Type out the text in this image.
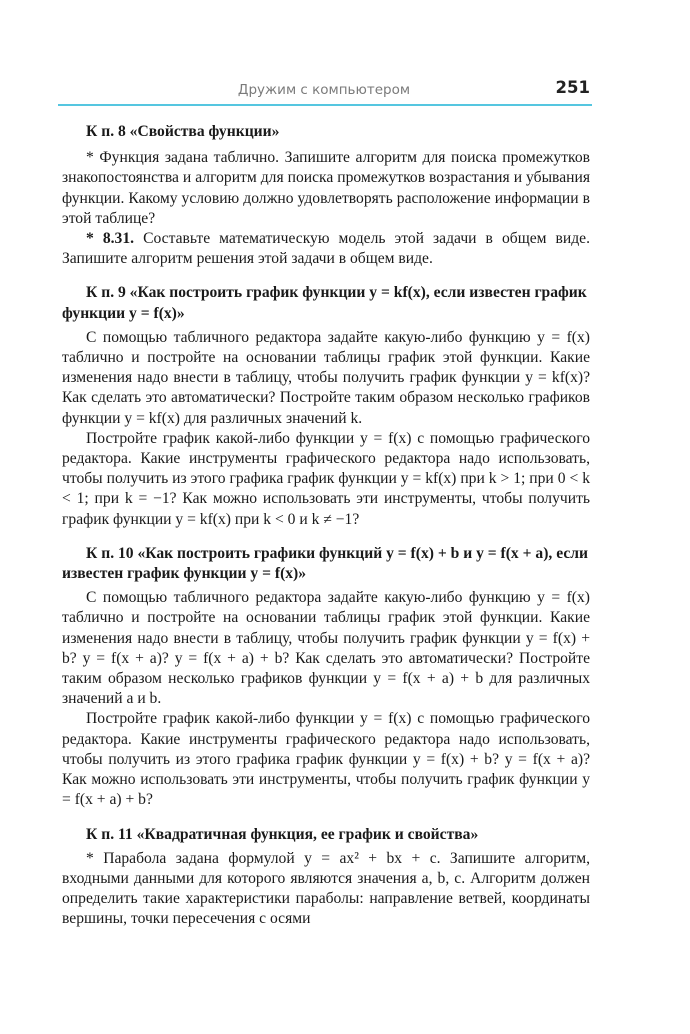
Дружим с компьютером	251
К п. 8 «Свойства функции»

* Функция задана таблично. Запишите алгоритм для поиска промежутков знакопостоянства и алгоритм для поиска промежутков возрастания и убывания функции. Какому условию должно удовлетворять расположение информации в этой таблице?

* 8.31. Составьте математическую модель этой задачи в общем виде. Запишите алгоритм решения этой задачи в общем виде.

К п. 9 «Как построить график функции y = kf(x), если известен график функции y = f(x)»

С помощью табличного редактора задайте какую-либо функцию y = f(x) таблично и постройте на основании таблицы график этой функции. Какие изменения надо внести в таблицу, чтобы получить график функции y = kf(x)? Как сделать это автоматически? Постройте таким образом несколько графиков функции y = kf(x) для различных значений k.

Постройте график какой-либо функции y = f(x) с помощью графического редактора. Какие инструменты графического редактора надо использовать, чтобы получить из этого графика график функции y = kf(x) при k > 1; при 0 < k < 1; при k = −1? Как можно использовать эти инструменты, чтобы получить график функции y = kf(x) при k < 0 и k ≠ −1?

К п. 10 «Как построить графики функций y = f(x) + b и y = f(x + a), если известен график функции y = f(x)»

С помощью табличного редактора задайте какую-либо функцию y = f(x) таблично и постройте на основании таблицы график этой функции. Какие изменения надо внести в таблицу, чтобы получить график функции y = f(x) + b? y = f(x + a)? y = f(x + a) + b? Как сделать это автоматически? Постройте таким образом несколько графиков функции y = f(x + a) + b для различных значений a и b.

Постройте график какой-либо функции y = f(x) с помощью графического редактора. Какие инструменты графического редактора надо использовать, чтобы получить из этого графика график функции y = f(x) + b? y = f(x + a)? Как можно использовать эти инструменты, чтобы получить график функции y = f(x + a) + b?

К п. 11 «Квадратичная функция, ее график и свойства»

* Парабола задана формулой y = ax² + bx + c. Запишите алгоритм, входными данными для которого являются значения a, b, c. Алгоритм должен определить такие характеристики параболы: направление ветвей, координаты вершины, точки пересечения с осями
